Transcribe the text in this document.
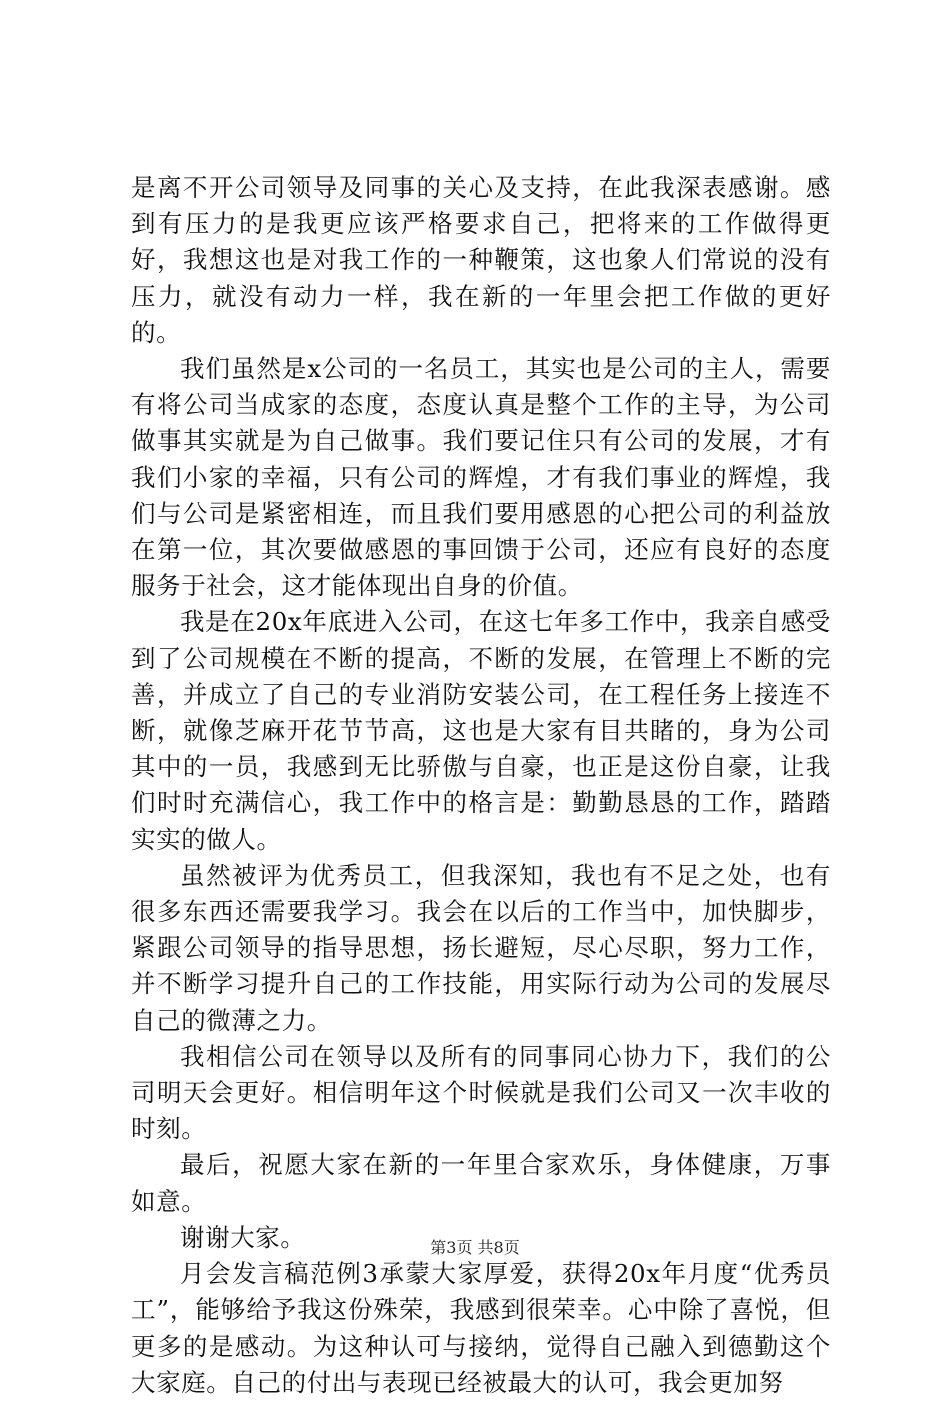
是离不开公司领导及同事的关心及支持，在此我深表感谢。感到有压力的是我更应该严格要求自己，把将来的工作做得更好，我想这也是对我工作的一种鞭策，这也象人们常说的没有压力，就没有动力一样，我在新的一年里会把工作做的更好的。

我们虽然是x公司的一名员工，其实也是公司的主人，需要有将公司当成家的态度，态度认真是整个工作的主导，为公司做事其实就是为自己做事。我们要记住只有公司的发展，才有我们小家的幸福，只有公司的辉煌，才有我们事业的辉煌，我们与公司是紧密相连，而且我们要用感恩的心把公司的利益放在第一位，其次要做感恩的事回馈于公司，还应有良好的态度服务于社会，这才能体现出自身的价值。

我是在20x年底进入公司，在这七年多工作中，我亲自感受到了公司规模在不断的提高，不断的发展，在管理上不断的完善，并成立了自己的专业消防安装公司，在工程任务上接连不断，就像芝麻开花节节高，这也是大家有目共睹的，身为公司其中的一员，我感到无比骄傲与自豪，也正是这份自豪，让我们时时充满信心，我工作中的格言是：勤勤恳恳的工作，踏踏实实的做人。

虽然被评为优秀员工，但我深知，我也有不足之处，也有很多东西还需要我学习。我会在以后的工作当中，加快脚步，紧跟公司领导的指导思想，扬长避短，尽心尽职，努力工作，并不断学习提升自己的工作技能，用实际行动为公司的发展尽自己的微薄之力。

我相信公司在领导以及所有的同事同心协力下，我们的公司明天会更好。相信明年这个时候就是我们公司又一次丰收的时刻。

最后，祝愿大家在新的一年里合家欢乐，身体健康，万事如意。

谢谢大家。

月会发言稿范例3承蒙大家厚爱，获得20x年月度“优秀员工”，能够给予我这份殊荣，我感到很荣幸。心中除了喜悦，但更多的是感动。为这种认可与接纳，觉得自己融入到德勤这个大家庭。自己的付出与表现已经被最大的认可，我会更加努

第3页 共8页
